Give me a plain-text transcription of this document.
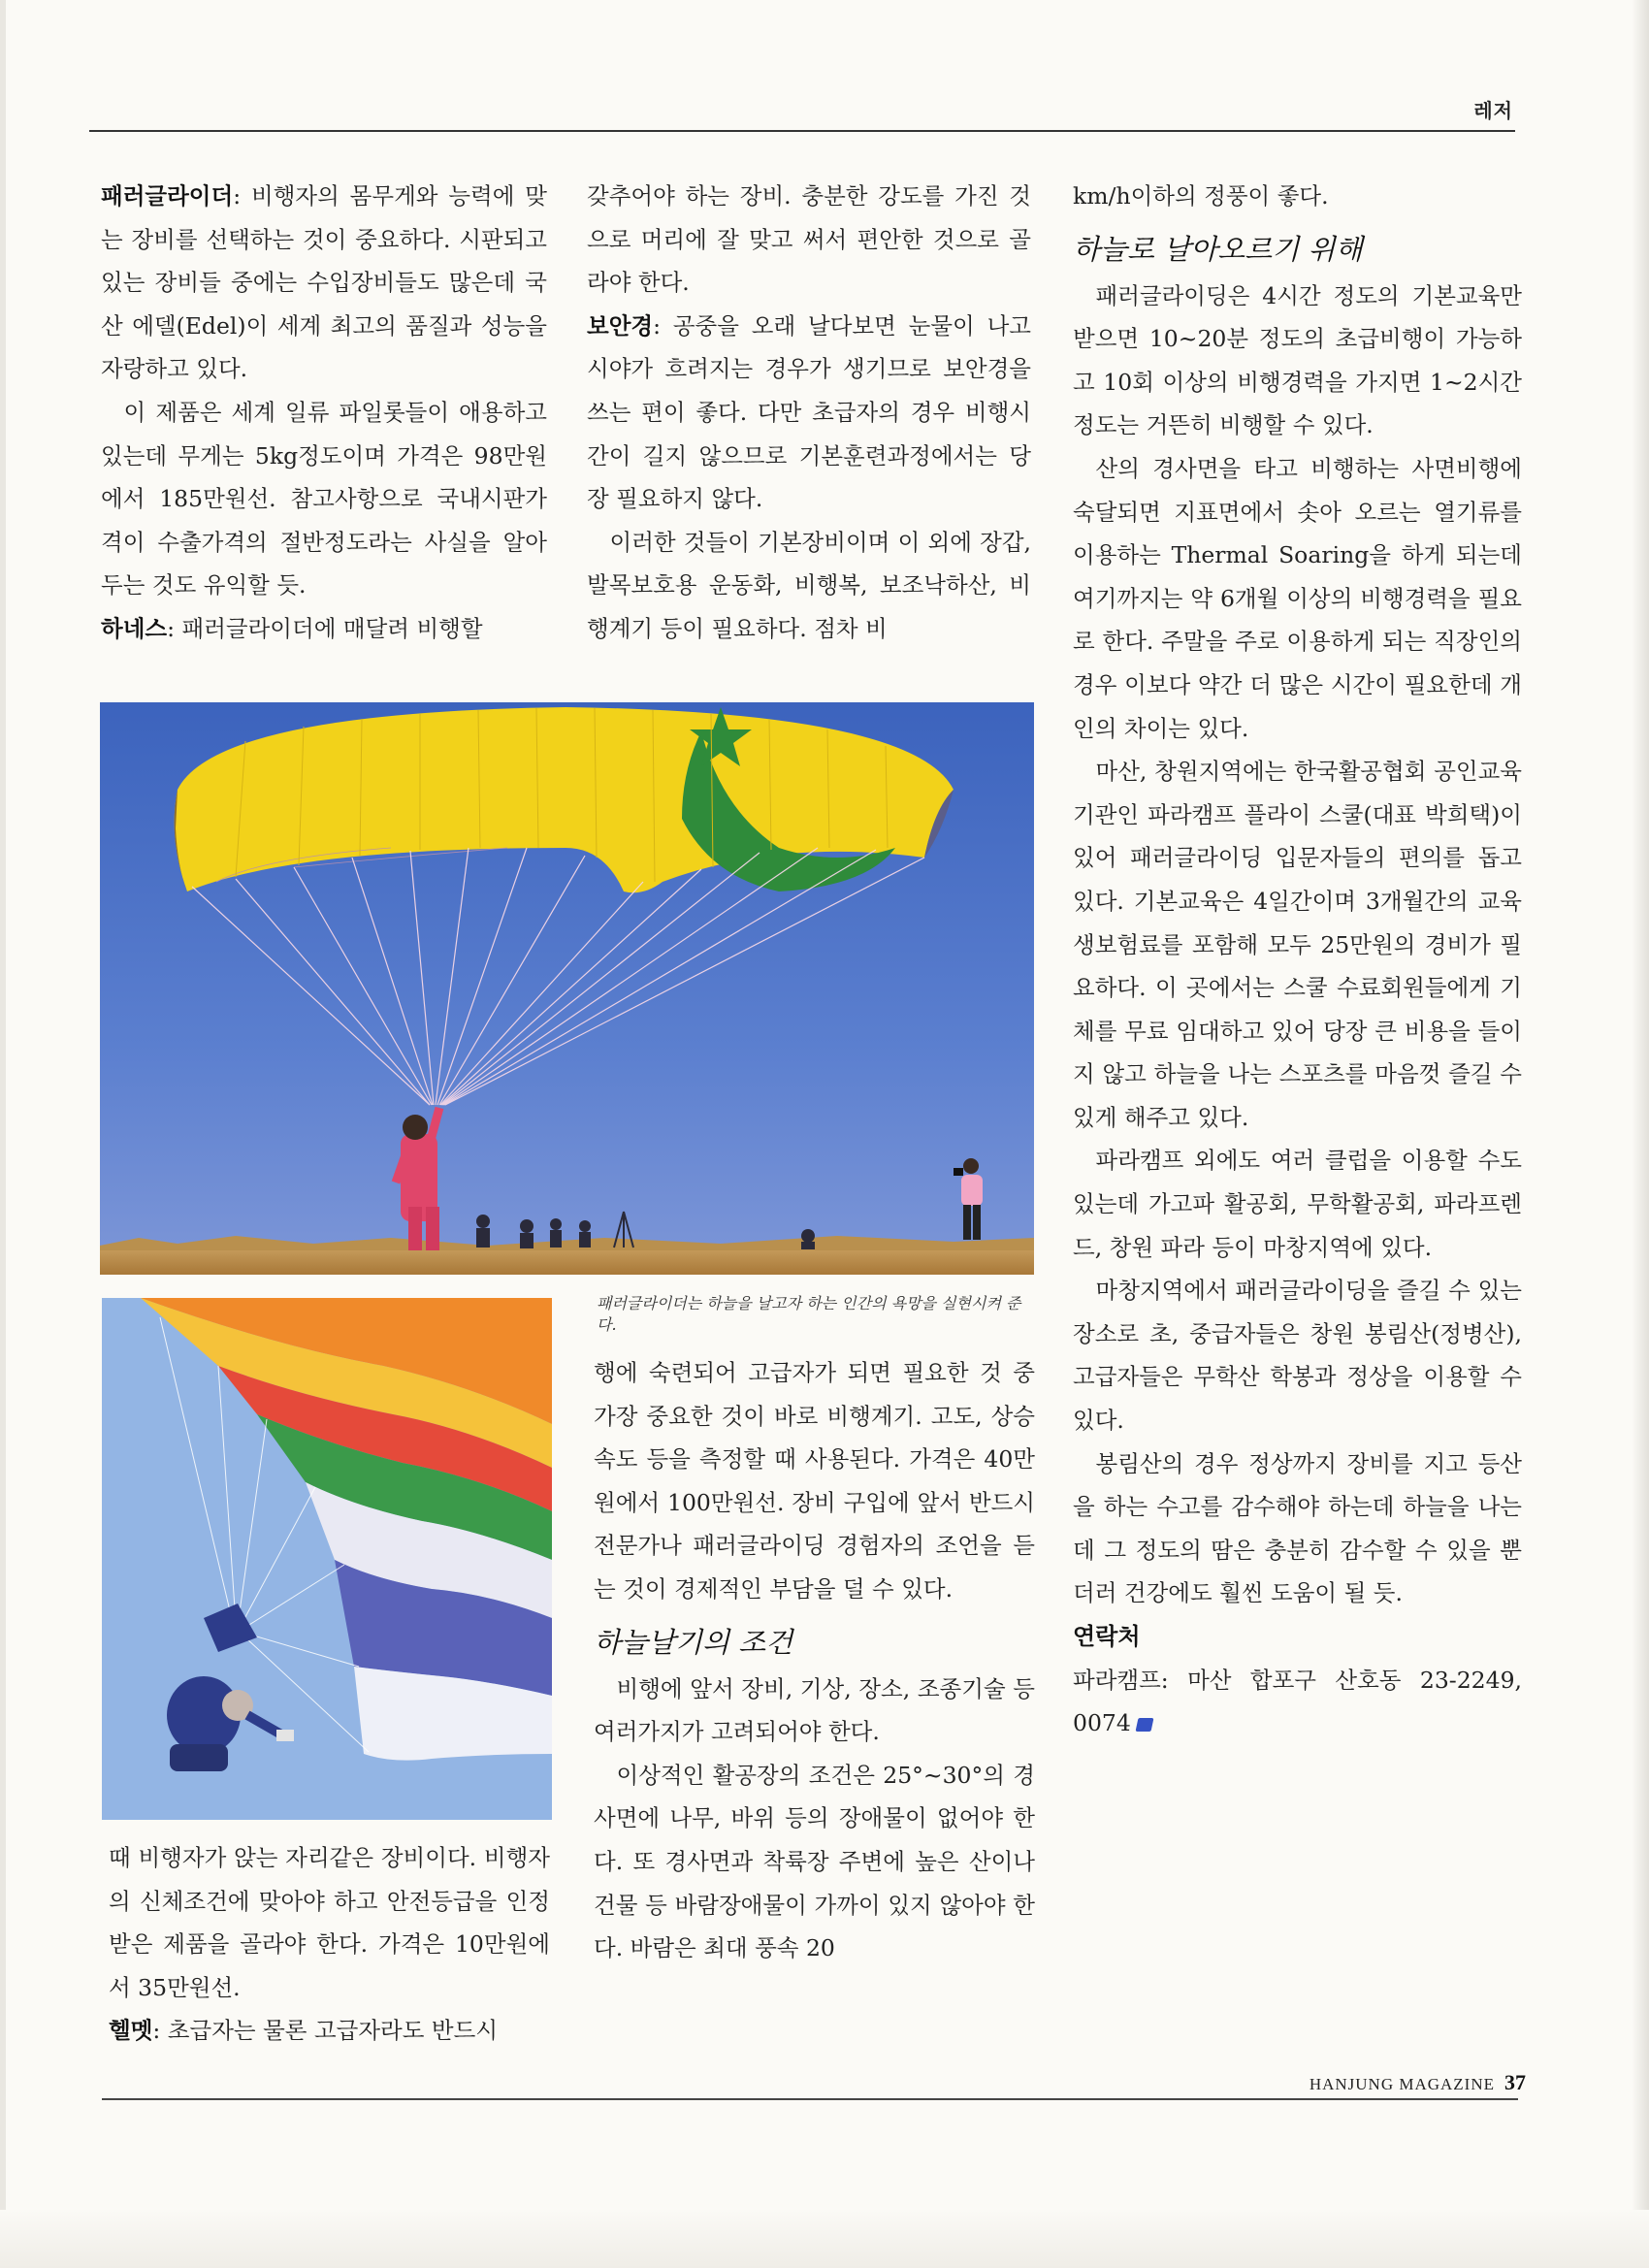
레저

패러글라이더: 비행자의 몸무게와 능력에 맞는 장비를 선택하는 것이 중요하다. 시판되고 있는 장비들 중에는 수입장비들도 많은데 국산 에델(Edel)이 세계 최고의 품질과 성능을 자랑하고 있다.

이 제품은 세계 일류 파일롯들이 애용하고 있는데 무게는 5kg정도이며 가격은 98만원에서 185만원선. 참고사항으로 국내시판가격이 수출가격의 절반정도라는 사실을 알아두는 것도 유익할 듯.

하네스: 패러글라이더에 매달려 비행할

갖추어야 하는 장비. 충분한 강도를 가진 것으로 머리에 잘 맞고 써서 편안한 것으로 골라야 한다.

보안경: 공중을 오래 날다보면 눈물이 나고 시야가 흐려지는 경우가 생기므로 보안경을 쓰는 편이 좋다. 다만 초급자의 경우 비행시간이 길지 않으므로 기본훈련과정에서는 당장 필요하지 않다.

이러한 것들이 기본장비이며 이 외에 장갑, 발목보호용 운동화, 비행복, 보조낙하산, 비행계기 등이 필요하다. 점차 비

km/h이하의 정풍이 좋다.

하늘로 날아오르기 위해

패러글라이딩은 4시간 정도의 기본교육만 받으면 10~20분 정도의 초급비행이 가능하고 10회 이상의 비행경력을 가지면 1~2시간 정도는 거뜬히 비행할 수 있다.

산의 경사면을 타고 비행하는 사면비행에 숙달되면 지표면에서 솟아 오르는 열기류를 이용하는 Thermal Soaring을 하게 되는데 여기까지는 약 6개월 이상의 비행경력을 필요로 한다. 주말을 주로 이용하게 되는 직장인의 경우 이보다 약간 더 많은 시간이 필요한데 개인의 차이는 있다.

마산, 창원지역에는 한국활공협회 공인교육기관인 파라캠프 플라이 스쿨(대표 박희택)이 있어 패러글라이딩 입문자들의 편의를 돕고 있다. 기본교육은 4일간이며 3개월간의 교육생보험료를 포함해 모두 25만원의 경비가 필요하다. 이 곳에서는 스쿨 수료회원들에게 기체를 무료 임대하고 있어 당장 큰 비용을 들이지 않고 하늘을 나는 스포츠를 마음껏 즐길 수 있게 해주고 있다.

파라캠프 외에도 여러 클럽을 이용할 수도 있는데 가고파 활공회, 무학활공회, 파라프렌드, 창원 파라 등이 마창지역에 있다.

마창지역에서 패러글라이딩을 즐길 수 있는 장소로 초, 중급자들은 창원 봉림산(정병산), 고급자들은 무학산 학봉과 정상을 이용할 수 있다.

봉림산의 경우 정상까지 장비를 지고 등산을 하는 수고를 감수해야 하는데 하늘을 나는데 그 정도의 땀은 충분히 감수할 수 있을 뿐더러 건강에도 훨씬 도움이 될 듯.

연락처

파라캠프: 마산 합포구 산호동 23-2249, 0074

패러글라이더는 하늘을 날고자 하는 인간의 욕망을 실현시켜 준다.

때 비행자가 앉는 자리같은 장비이다. 비행자의 신체조건에 맞아야 하고 안전등급을 인정받은 제품을 골라야 한다. 가격은 10만원에서 35만원선.

헬멧: 초급자는 물론 고급자라도 반드시

행에 숙련되어 고급자가 되면 필요한 것 중 가장 중요한 것이 바로 비행계기. 고도, 상승속도 등을 측정할 때 사용된다. 가격은 40만원에서 100만원선. 장비 구입에 앞서 반드시 전문가나 패러글라이딩 경험자의 조언을 듣는 것이 경제적인 부담을 덜 수 있다.

하늘날기의 조건

비행에 앞서 장비, 기상, 장소, 조종기술 등 여러가지가 고려되어야 한다.

이상적인 활공장의 조건은 25°~30°의 경사면에 나무, 바위 등의 장애물이 없어야 한다. 또 경사면과 착륙장 주변에 높은 산이나 건물 등 바람장애물이 가까이 있지 않아야 한다. 바람은 최대 풍속 20

HANJUNG MAGAZINE 37
